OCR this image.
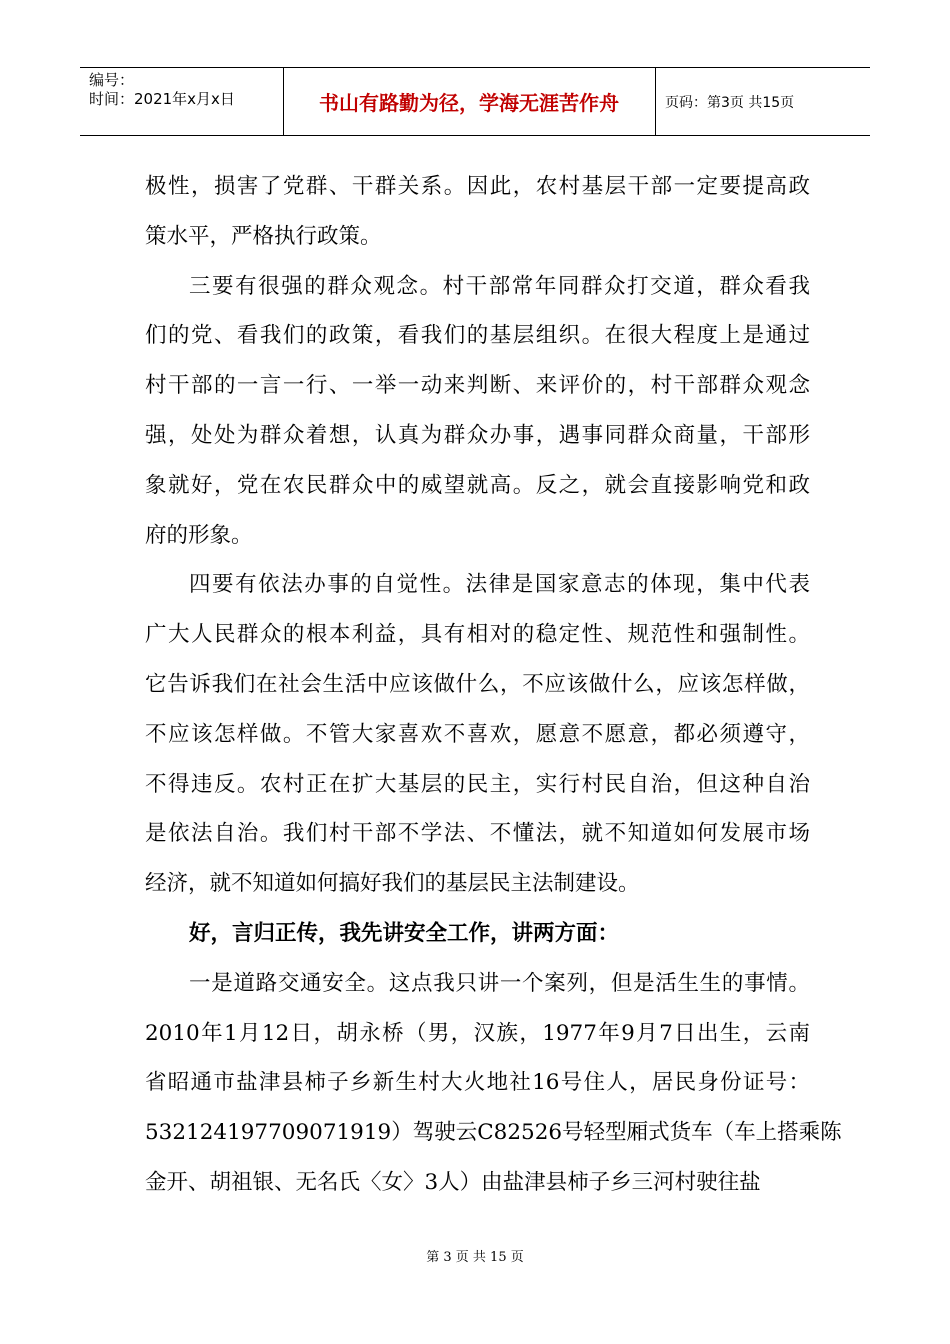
编号：
时间：2021年x月x日	书山有路勤为径，学海无涯苦作舟	页码：第3页 共15页
极性，损害了党群、干群关系。因此，农村基层干部一定要提高政
策水平，严格执行政策。
三要有很强的群众观念。村干部常年同群众打交道，群众看我
们的党、看我们的政策，看我们的基层组织。在很大程度上是通过
村干部的一言一行、一举一动来判断、来评价的，村干部群众观念
强，处处为群众着想，认真为群众办事，遇事同群众商量，干部形
象就好，党在农民群众中的威望就高。反之，就会直接影响党和政
府的形象。
四要有依法办事的自觉性。法律是国家意志的体现，集中代表
广大人民群众的根本利益，具有相对的稳定性、规范性和强制性。
它告诉我们在社会生活中应该做什么，不应该做什么，应该怎样做，
不应该怎样做。不管大家喜欢不喜欢，愿意不愿意，都必须遵守，
不得违反。农村正在扩大基层的民主，实行村民自治，但这种自治
是依法自治。我们村干部不学法、不懂法，就不知道如何发展市场
经济，就不知道如何搞好我们的基层民主法制建设。
好，言归正传，我先讲安全工作，讲两方面：
一是道路交通安全。这点我只讲一个案列，但是活生生的事情。
2010年1月12日，胡永桥（男，汉族，1977年9月7日出生，云南
省昭通市盐津县柿子乡新生村大火地社16号住人，居民身份证号：
532124197709071919）驾驶云C82526号轻型厢式货车（车上搭乘陈
金开、胡祖银、无名氏〈女〉3人）由盐津县柿子乡三河村驶往盐
第 3 页 共 15 页
